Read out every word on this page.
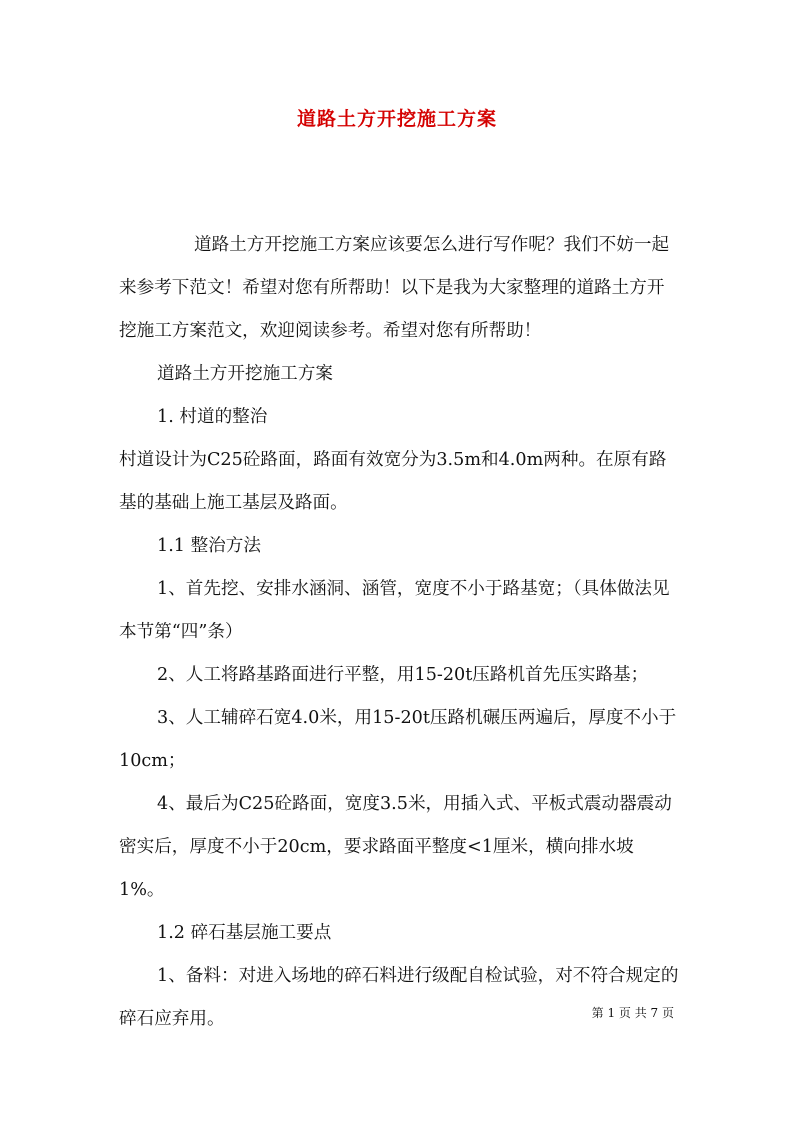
道路土方开挖施工方案

道路土方开挖施工方案应该要怎么进行写作呢？我们不妨一起来参考下范文！希望对您有所帮助！以下是我为大家整理的道路土方开挖施工方案范文，欢迎阅读参考。希望对您有所帮助！

道路土方开挖施工方案

1. 村道的整治

村道设计为C25砼路面，路面有效宽分为3.5m和4.0m两种。在原有路基的基础上施工基层及路面。

1.1 整治方法

1、首先挖、安排水涵洞、涵管，宽度不小于路基宽；（具体做法见本节第“四”条）

2、人工将路基路面进行平整，用15-20t压路机首先压实路基；

3、人工辅碎石宽4.0米，用15-20t压路机碾压两遍后，厚度不小于10cm；

4、最后为C25砼路面，宽度3.5米，用插入式、平板式震动器震动密实后，厚度不小于20cm，要求路面平整度<1厘米，横向排水坡1%。

1.2 碎石基层施工要点

1、备料：对进入场地的碎石料进行级配自检试验，对不符合规定的碎石应弃用。	第 1 页 共 7 页
